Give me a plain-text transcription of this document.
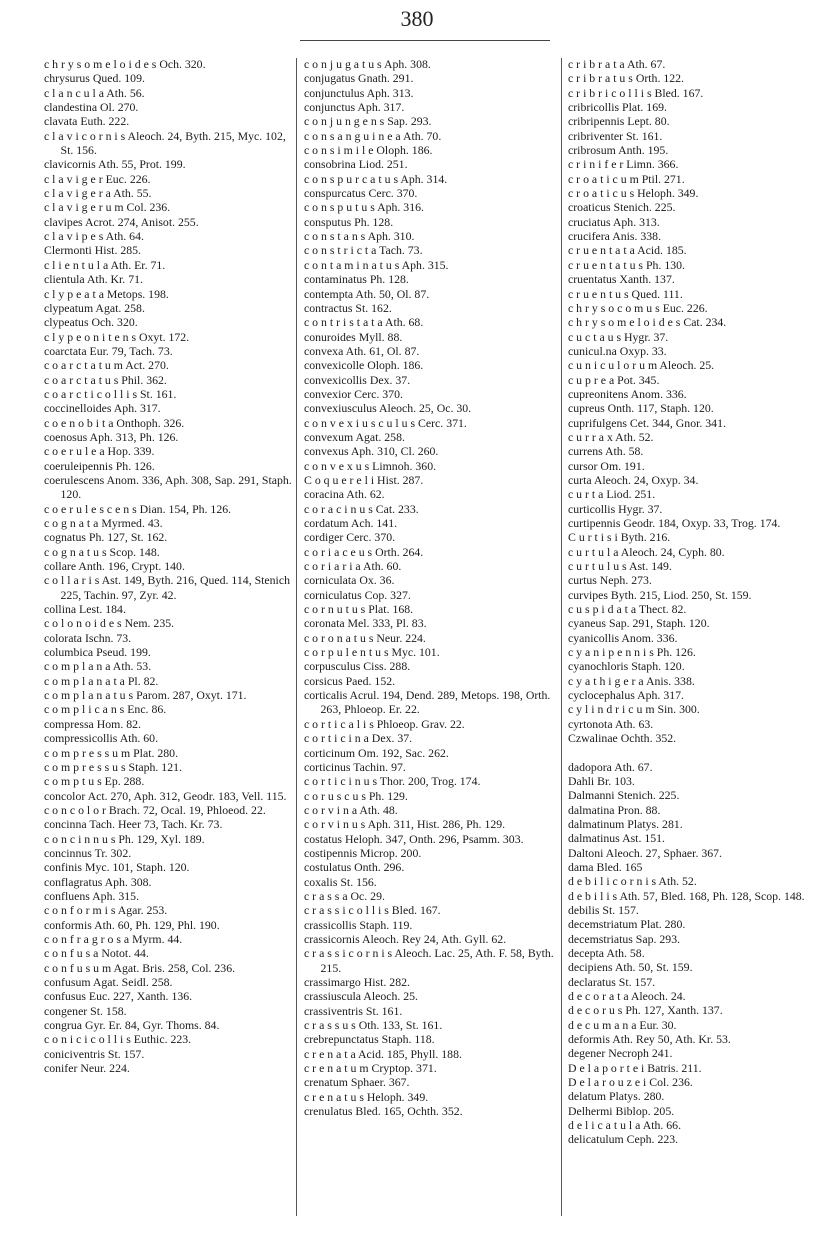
380
c h r y s o m e l o i d e s Och. 320.
chrysurus Qued. 109.
c l a n c u l a Ath. 56.
clandestina Ol. 270.
clavata Euth. 222.
c l a v i c o r n i s Aleoch. 24, Byth. 215, Myc. 102, St. 156.
clavicornis Ath. 55, Prot. 199.
c l a v i g e r Euc. 226.
c l a v i g e r a Ath. 55.
c l a v i g e r u m Col. 236.
clavipes Acrot. 274, Anisot. 255.
c l a v i p e s Ath. 64.
Clermonti Hist. 285.
c l i e n t u l a Ath. Er. 71.
clientula Ath. Kr. 71.
c l y p e a t a Metops. 198.
clypeatum Agat. 258.
clypeatus Och. 320.
c l y p e o n i t e n s Oxyt. 172.
coarctata Eur. 79, Tach. 73.
c o a r c t a t u m Act. 270.
c o a r c t a t u s Phil. 362.
c o a r c t i c o l l i s St. 161.
coccinelloides Aph. 317.
c o e n o b i t a Onthoph. 326.
coenosus Aph. 313, Ph. 126.
c o e r u l e a Hop. 339.
coeruleipennis Ph. 126.
coerulescens Anom. 336, Aph. 308, Sap. 291, Staph. 120.
c o e r u l e s c e n s Dian. 154, Ph. 126.
c o g n a t a Myrmed. 43.
cognatus Ph. 127, St. 162.
c o g n a t u s Scop. 148.
collare Anth. 196, Crypt. 140.
c o l l a r i s Ast. 149, Byth. 216, Qued. 114, Stenich 225, Tachin. 97, Zyr. 42.
collina Lest. 184.
c o l o n o i d e s Nem. 235.
colorata Ischn. 73.
columbica Pseud. 199.
c o m p l a n a Ath. 53.
c o m p l a n a t a Pl. 82.
c o m p l a n a t u s Parom. 287, Oxyt. 171.
c o m p l i c a n s Enc. 86.
compressa Hom. 82.
compressicollis Ath. 60.
c o m p r e s s u m Plat. 280.
c o m p r e s s u s Staph. 121.
c o m p t u s Ep. 288.
concolor Act. 270, Aph. 312, Geodr. 183, Vell. 115.
c o n c o l o r Brach. 72, Ocal. 19, Phloeod. 22.
concinna Tach. Heer 73, Tach. Kr. 73.
c o n c i n n u s Ph. 129, Xyl. 189.
concinnus Tr. 302.
confinis Myc. 101, Staph. 120.
conflagratus Aph. 308.
confluens Aph. 315.
c o n f o r m i s Agar. 253.
conformis Ath. 60, Ph. 129, Phl. 190.
c o n f r a g r o s a Myrm. 44.
c o n f u s a Notot. 44.
c o n f u s u m Agat. Bris. 258, Col. 236.
confusum Agat. Seidl. 258.
confusus Euc. 227, Xanth. 136.
congener St. 158.
congrua Gyr. Er. 84, Gyr. Thoms. 84.
c o n i c i c o l l i s Euthic. 223.
coniciventris St. 157.
conifer Neur. 224.
c o n j u g a t u s Aph. 308.
conjugatus Gnath. 291.
conjunctulus Aph. 313.
conjunctus Aph. 317.
c o n j u n g e n s Sap. 293.
c o n s a n g u i n e a Ath. 70.
c o n s i m i l e Oloph. 186.
consobrina Liod. 251.
c o n s p u r c a t u s Aph. 314.
conspurcatus Cerc. 370.
c o n s p u t u s Aph. 316.
consputus Ph. 128.
c o n s t a n s Aph. 310.
c o n s t r i c t a Tach. 73.
c o n t a m i n a t u s Aph. 315.
contaminatus Ph. 128.
contempta Ath. 50, Ol. 87.
contractus St. 162.
c o n t r i s t a t a Ath. 68.
conuroides Myll. 88.
convexa Ath. 61, Ol. 87.
convexicolle Oloph. 186.
convexicollis Dex. 37.
convexior Cerc. 370.
convexiusculus Aleoch. 25, Oc. 30.
c o n v e x i u s c u l u s Cerc. 371.
convexum Agat. 258.
convexus Aph. 310, Cl. 260.
c o n v e x u s Limnoh. 360.
C o q u e r e l i Hist. 287.
coracina Ath. 62.
c o r a c i n u s Cat. 233.
cordatum Ach. 141.
cordiger Cerc. 370.
c o r i a c e u s Orth. 264.
c o r i a r i a Ath. 60.
corniculata Ox. 36.
corniculatus Cop. 327.
c o r n u t u s Plat. 168.
coronata Mel. 333, Pl. 83.
c o r o n a t u s Neur. 224.
c o r p u l e n t u s Myc. 101.
corpusculus Ciss. 288.
corsicus Paed. 152.
corticalis Acrul. 194, Dend. 289, Metops. 198, Orth. 263, Phloeop. Er. 22.
c o r t i c a l i s Phloeop. Grav. 22.
c o r t i c i n a Dex. 37.
corticinum Om. 192, Sac. 262.
corticinus Tachin. 97.
c o r t i c i n u s Thor. 200, Trog. 174.
c o r u s c u s Ph. 129.
c o r v i n a Ath. 48.
c o r v i n u s Aph. 311, Hist. 286, Ph. 129.
costatus Heloph. 347, Onth. 296, Psamm. 303.
costipennis Microp. 200.
costulatus Onth. 296.
coxalis St. 156.
c r a s s a Oc. 29.
c r a s s i c o l l i s Bled. 167.
crassicollis Staph. 119.
crassicornis Aleoch. Rey 24, Ath. Gyll. 62.
c r a s s i c o r n i s Aleoch. Lac. 25, Ath. F. 58, Byth. 215.
crassimargo Hist. 282.
crassiuscula Aleoch. 25.
crassiventris St. 161.
c r a s s u s Oth. 133, St. 161.
crebrepunctatus Staph. 118.
c r e n a t a Acid. 185, Phyll. 188.
c r e n a t u m Cryptop. 371.
crenatum Sphaer. 367.
c r e n a t u s Heloph. 349.
crenulatus Bled. 165, Ochth. 352.
c r i b r a t a Ath. 67.
c r i b r a t u s Orth. 122.
c r i b r i c o l l i s Bled. 167.
cribricollis Plat. 169.
cribripennis Lept. 80.
cribriventer St. 161.
cribrosum Anth. 195.
c r i n i f e r Limn. 366.
c r o a t i c u m Ptil. 271.
c r o a t i c u s Heloph. 349.
croaticus Stenich. 225.
cruciatus Aph. 313.
crucifera Anis. 338.
c r u e n t a t a Acid. 185.
c r u e n t a t u s Ph. 130.
cruentatus Xanth. 137.
c r u e n t u s Qued. 111.
c h r y s o c o m u s Euc. 226.
c h r y s o m e l o i d e s Cat. 234.
c u c t a u s Hygr. 37.
cunicul.na Oxyp. 33.
c u n i c u l o r u m Aleoch. 25.
c u p r e a Pot. 345.
cupreonitens Anom. 336.
cupreus Onth. 117, Staph. 120.
cuprifulgens Cet. 344, Gnor. 341.
c u r r a x Ath. 52.
currens Ath. 58.
cursor Om. 191.
curta Aleoch. 24, Oxyp. 34.
c u r t a Liod. 251.
curticollis Hygr. 37.
curtipennis Geodr. 184, Oxyp. 33, Trog. 174.
C u r t i s i Byth. 216.
c u r t u l a Aleoch. 24, Cyph. 80.
c u r t u l u s Ast. 149.
curtus Neph. 273.
curvipes Byth. 215, Liod. 250, St. 159.
c u s p i d a t a Thect. 82.
cyaneus Sap. 291, Staph. 120.
cyanicollis Anom. 336.
c y a n i p e n n i s Ph. 126.
cyanochloris Staph. 120.
c y a t h i g e r a Anis. 338.
cyclocephalus Aph. 317.
c y l i n d r i c u m Sin. 300.
cyrtonota Ath. 63.
Czwalinae Ochth. 352.
dadopora Ath. 67.
Dahli Br. 103.
Dalmanni Stenich. 225.
dalmatina Pron. 88.
dalmatinum Platys. 281.
dalmatinus Ast. 151.
Daltoni Aleoch. 27, Sphaer. 367.
dama Bled. 165
d e b i l i c o r n i s Ath. 52.
d e b i l i s Ath. 57, Bled. 168, Ph. 128, Scop. 148.
debilis St. 157.
decemstriatum Plat. 280.
decemstriatus Sap. 293.
decepta Ath. 58.
decipiens Ath. 50, St. 159.
declaratus St. 157.
d e c o r a t a Aleoch. 24.
d e c o r u s Ph. 127, Xanth. 137.
d e c u m a n a Eur. 30.
deformis Ath. Rey 50, Ath. Kr. 53.
degener Necroph 241.
D e l a p o r t e i Batris. 211.
D e l a r o u z e i Col. 236.
delatum Platys. 280.
Delhermi Biblop. 205.
d e l i c a t u l a Ath. 66.
delicatulum Ceph. 223.
